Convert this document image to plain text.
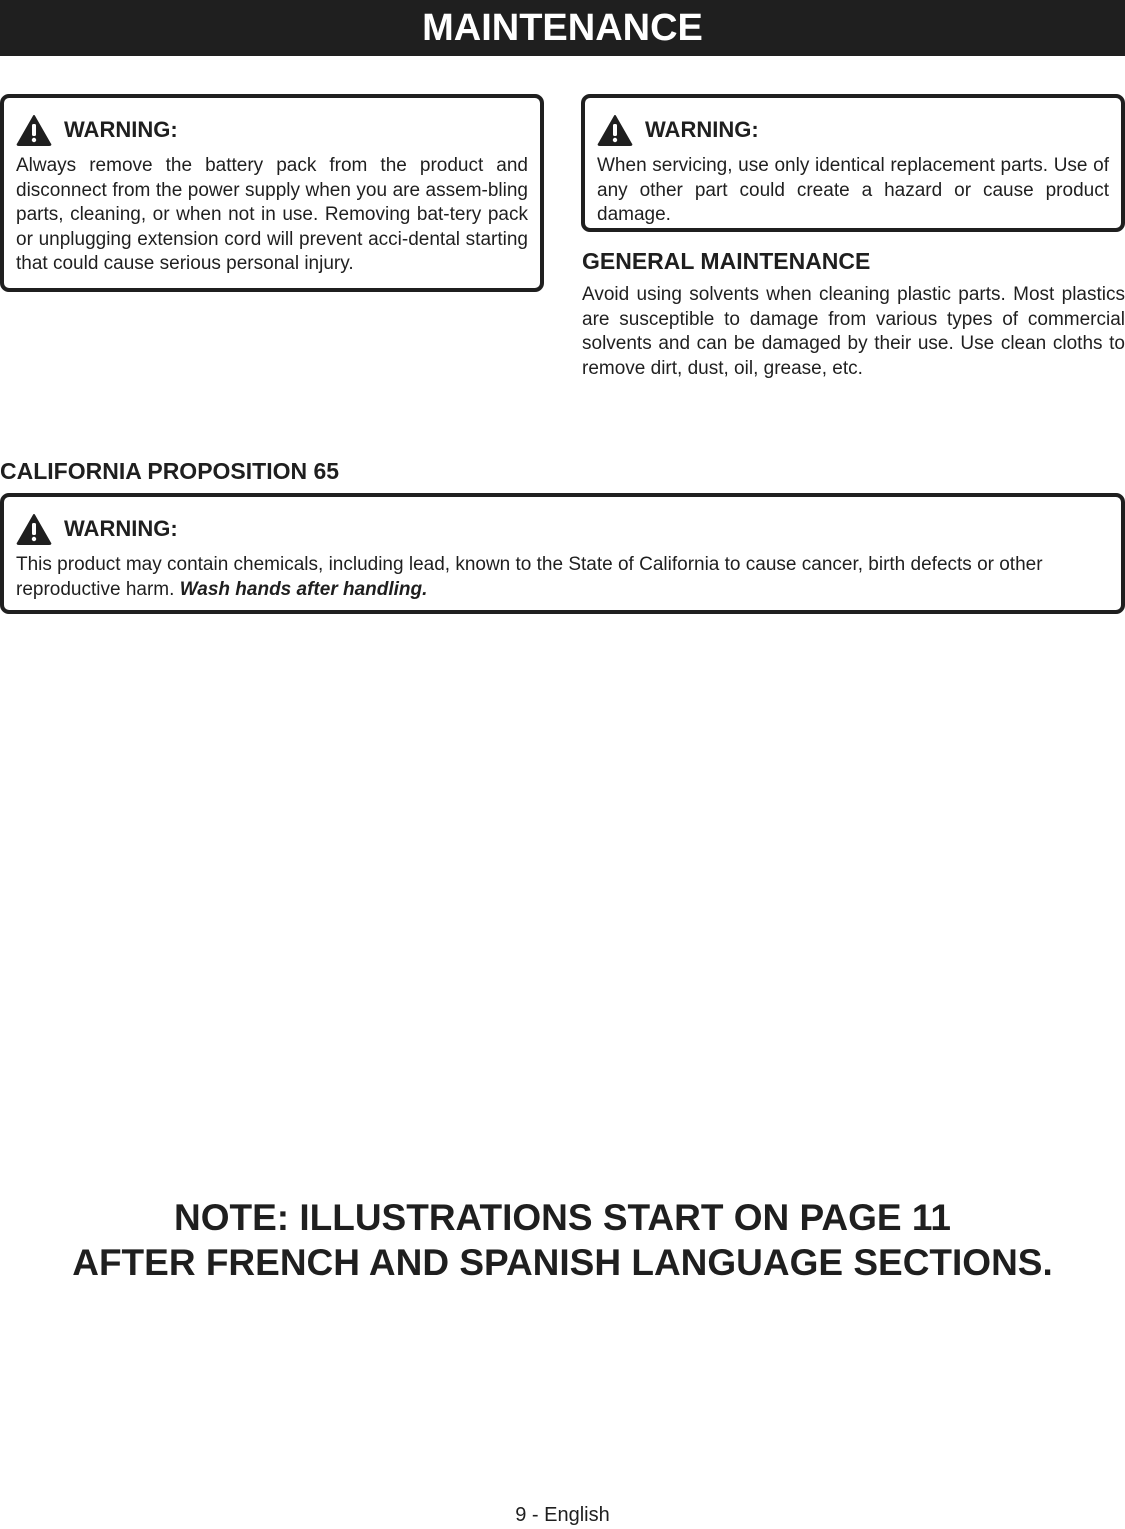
MAINTENANCE
WARNING:
Always remove the battery pack from the product and disconnect from the power supply when you are assem-bling parts, cleaning, or when not in use. Removing bat-tery pack or unplugging extension cord will prevent acci-dental starting that could cause serious personal injury.
WARNING:
When servicing, use only identical replacement parts. Use of any other part could create a hazard or cause product damage.
GENERAL MAINTENANCE
Avoid using solvents when cleaning plastic parts. Most plastics are susceptible to damage from various types of commercial solvents and can be damaged by their use. Use clean cloths to remove dirt, dust, oil, grease, etc.
CALIFORNIA PROPOSITION 65
WARNING:
This product may contain chemicals, including lead, known to the State of California to cause cancer, birth defects or other reproductive harm. Wash hands after handling.
NOTE: ILLUSTRATIONS START ON PAGE 11
AFTER FRENCH AND SPANISH LANGUAGE SECTIONS.
9 - English
